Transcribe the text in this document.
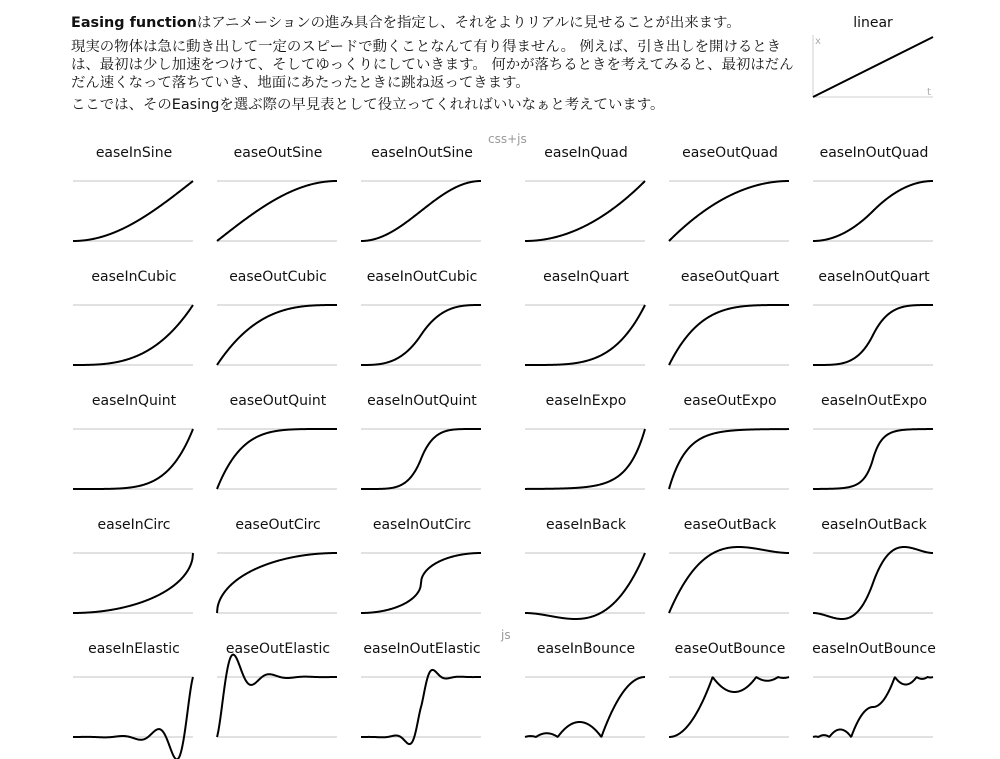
Easing functionはアニメーションの進み具合を指定し、それをよりリアルに見せることが出来ます。

現実の物体は急に動き出して一定のスピードで動くことなんて有り得ません。 例えば、引き出しを開けるときは、最初は少し加速をつけて、そしてゆっくりにしていきます。 何かが落ちるときを考えてみると、最初はだんだん速くなって落ちていき、地面にあたったときに跳ね返ってきます。

ここでは、そのEasingを選ぶ際の早見表として役立ってくれればいいなぁと考えています。

linear
x
t
css+js
js
easeInSine	easeOutSine	easeInOutSine	easeInQuad	easeOutQuad	easeInOutQuad
easeInCubic	easeOutCubic	easeInOutCubic	easeInQuart	easeOutQuart	easeInOutQuart
easeInQuint	easeOutQuint	easeInOutQuint	easeInExpo	easeOutExpo	easeInOutExpo
easeInCirc	easeOutCirc	easeInOutCirc	easeInBack	easeOutBack	easeInOutBack
easeInElastic	easeOutElastic	easeInOutElastic	easeInBounce	easeOutBounce	easeInOutBounce
